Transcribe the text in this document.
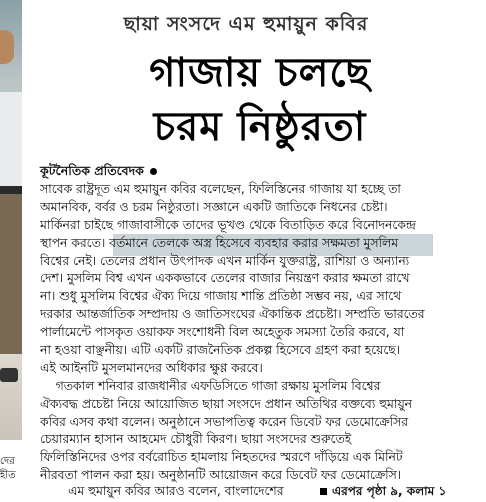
দের
হীত
ছায়া সংসদে এম হুমায়ুন কবির
গাজায় চলছে
চরম নিষ্ঠুরতা
কূটনৈতিক প্রতিবেদক
সাবেক রাষ্ট্রদূত এম হুমায়ুন কবির বলেছেন, ফিলিস্তিনের গাজায় যা হচ্ছে তা
অমানবিক, বর্বর ও চরম নিষ্ঠুরতা। সজ্ঞানে একটি জাতিকে নিধনের চেষ্টা।
মার্কিনরা চাইছে গাজাবাসীকে তাদের ভূখণ্ড থেকে বিতাড়িত করে বিনোদনকেন্দ্র
স্থাপন করতে। বর্তমানে তেলকে অস্ত্র হিসেবে ব্যবহার করার সক্ষমতা মুসলিম
বিশ্বের নেই। তেলের প্রধান উৎপাদক এখন মার্কিন যুক্তরাষ্ট্র, রাশিয়া ও অন্যান্য
দেশ। মুসলিম বিশ্ব এখন এককভাবে তেলের বাজার নিয়ন্ত্রণ করার ক্ষমতা রাখে
না। শুধু মুসলিম বিশ্বের ঐক্য দিয়ে গাজায় শান্তি প্রতিষ্ঠা সম্ভব নয়, এর সাথে
দরকার আন্তর্জাতিক সম্প্রদায় ও জাতিসংঘের ঐকান্তিক প্রচেষ্টা। সম্প্রতি ভারতের
পার্লামেন্টে পাসকৃত ওয়াকফ সংশোধনী বিল অহেতুক সমস্যা তৈরি করবে, যা
না হওয়া বাঞ্ছনীয়। এটি একটি রাজনৈতিক প্রকল্প হিসেবে গ্রহণ করা হয়েছে।
এই আইনটি মুসলমানদের অধিকার ক্ষুণ্ণ করবে।
গতকাল শনিবার রাজধানীর এফডিসিতে গাজা রক্ষায় মুসলিম বিশ্বের
ঐক্যবদ্ধ প্রচেষ্টা নিয়ে আয়োজিত ছায়া সংসদে প্রধান অতিথির বক্তব্যে হুমায়ুন
কবির এসব কথা বলেন। অনুষ্ঠানে সভাপতিত্ব করেন ডিবেট ফর ডেমোক্রেসির
চেয়ারম্যান হাসান আহমেদ চৌধুরী কিরণ। ছায়া সংসদের শুরুতেই
ফিলিস্তিনিদের ওপর বর্বরোচিত হামলায় নিহতদের স্মরণে দাঁড়িয়ে এক মিনিট
নীরবতা পালন করা হয়। অনুষ্ঠানটি আয়োজন করে ডিবেট ফর ডেমোক্রেসি।
এম হুমায়ুন কবির আরও বলেন, বাংলাদেশের	এরপর পৃষ্ঠা ৯, কলাম ১
